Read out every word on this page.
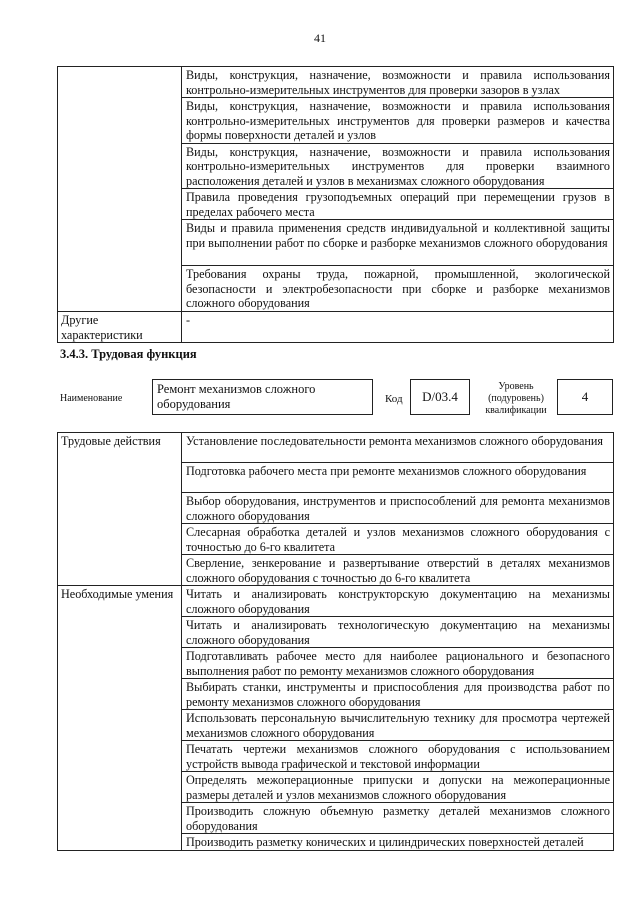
41
	Виды, конструкция, назначение, возможности и правила использования контрольно-измерительных инструментов для проверки зазоров в узлах
	Виды, конструкция, назначение, возможности и правила использования контрольно-измерительных инструментов для проверки размеров и качества формы поверхности деталей и узлов
	Виды, конструкция, назначение, возможности и правила использования контрольно-измерительных инструментов для проверки взаимного расположения деталей и узлов в механизмах сложного оборудования
	Правила проведения грузоподъемных операций при перемещении грузов в пределах рабочего места
	Виды и правила применения средств индивидуальной и коллективной защиты при выполнении работ по сборке и разборке механизмов сложного оборудования
	Требования охраны труда, пожарной, промышленной, экологической безопасности и электробезопасности при сборке и разборке механизмов сложного оборудования
Другие характеристики	-
3.4.3. Трудовая функция
Наименование
Ремонт механизмов сложного оборудования	Код	D/03.4
Уровень (подуровень) квалификации
4
Трудовые действия	Установление последовательности ремонта механизмов сложного оборудования
	Подготовка рабочего места при ремонте механизмов сложного оборудования
	Выбор оборудования, инструментов и приспособлений для ремонта механизмов сложного оборудования
	Слесарная обработка деталей и узлов механизмов сложного оборудования с точностью до 6-го квалитета
	Сверление, зенкерование и развертывание отверстий в деталях механизмов сложного оборудования с точностью до 6-го квалитета
Необходимые умения	Читать и анализировать конструкторскую документацию на механизмы сложного оборудования
	Читать и анализировать технологическую документацию на механизмы сложного оборудования
	Подготавливать рабочее место для наиболее рационального и безопасного выполнения работ по ремонту механизмов сложного оборудования
	Выбирать станки, инструменты и приспособления для производства работ по ремонту механизмов сложного оборудования
	Использовать персональную вычислительную технику для просмотра чертежей механизмов сложного оборудования
	Печатать чертежи механизмов сложного оборудования с использованием устройств вывода графической и текстовой информации
	Определять межоперационные припуски и допуски на межоперационные размеры деталей и узлов механизмов сложного оборудования
	Производить сложную объемную разметку деталей механизмов сложного оборудования
	Производить разметку конических и цилиндрических поверхностей деталей
